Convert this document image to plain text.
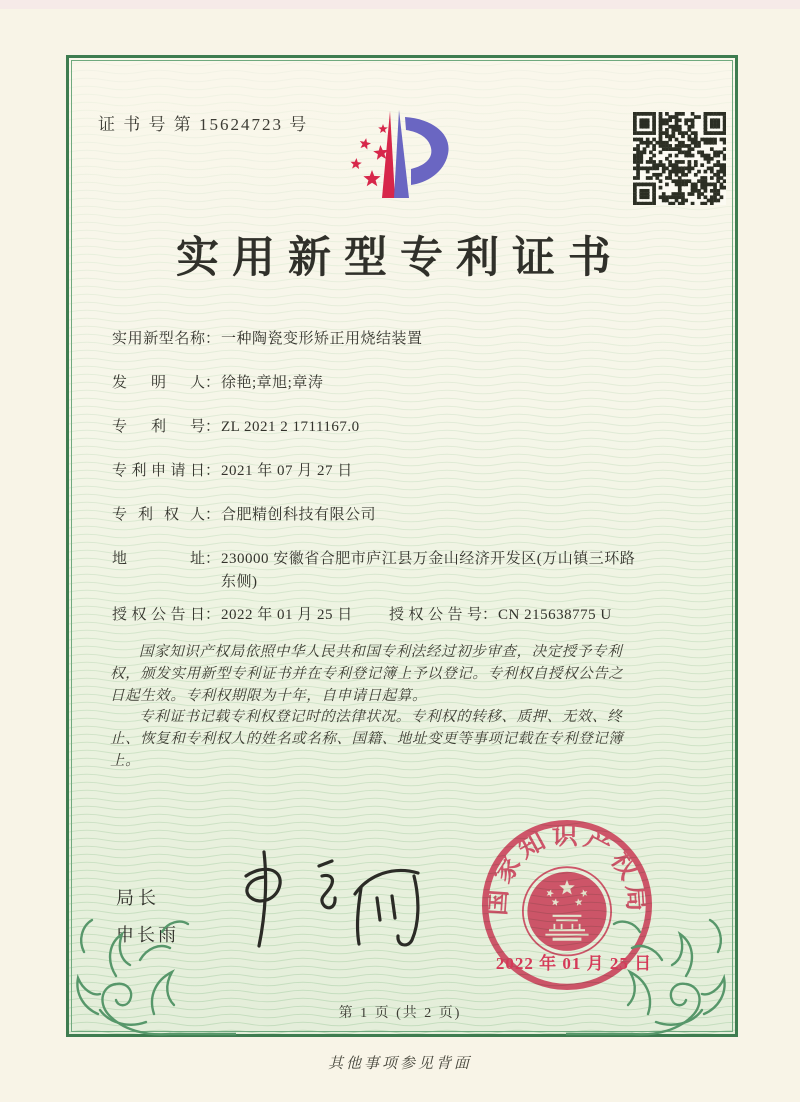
证 书 号 第 15624723 号
实用新型专利证书
实用新型名称 ： 一种陶瓷变形矫正用烧结装置
发明人 ： 徐艳;章旭;章涛
专利号 ： ZL 2021 2 1711167.0
专利申请日 ： 2021 年 07 月 27 日
专利权人 ： 合肥精创科技有限公司
地址 ： 230000 安徽省合肥市庐江县万金山经济开发区(万山镇三环路东侧)
授权公告日 ： 2022 年 01 月 25 日	授权公告号 ： CN 215638775 U

国家知识产权局依照中华人民共和国专利法经过初步审查，决定授予专利权，颁发实用新型专利证书并在专利登记簿上予以登记。专利权自授权公告之日起生效。专利权期限为十年，自申请日起算。

专利证书记载专利权登记时的法律状况。专利权的转移、质押、无效、终止、恢复和专利权人的姓名或名称、国籍、地址变更等事项记载在专利登记簿上。

局长
申长雨
国家知识产权局
2022 年 01 月 25 日
第 1 页 (共 2 页)
其他事项参见背面
